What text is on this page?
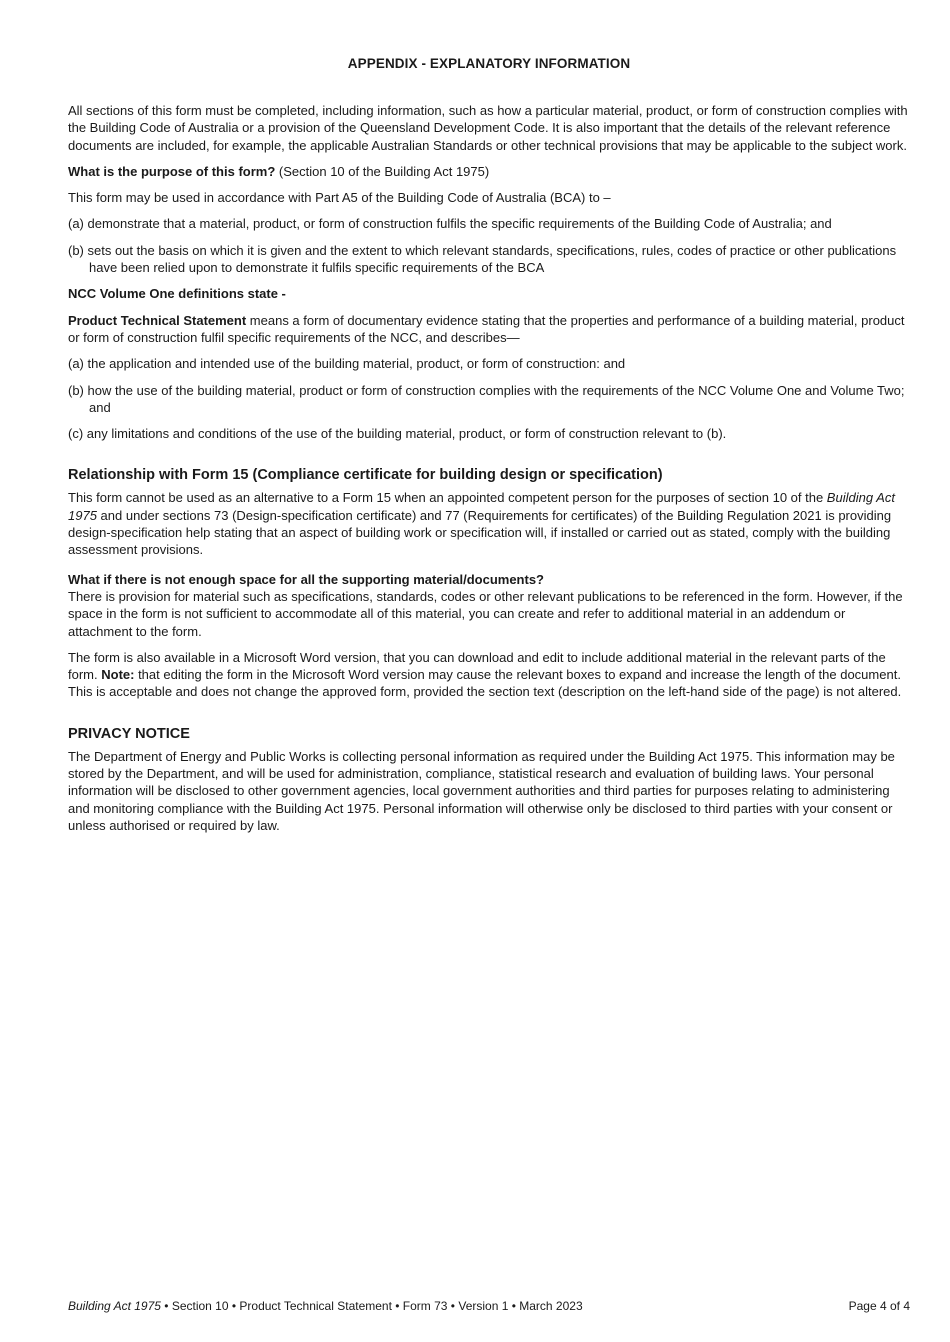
APPENDIX - EXPLANATORY INFORMATION

All sections of this form must be completed, including information, such as how a particular material, product, or form of construction complies with the Building Code of Australia or a provision of the Queensland Development Code. It is also important that the details of the relevant reference documents are included, for example, the applicable Australian Standards or other technical provisions that may be applicable to the subject work.

What is the purpose of this form? (Section 10 of the Building Act 1975)

This form may be used in accordance with Part A5 of the Building Code of Australia (BCA) to –

(a) demonstrate that a material, product, or form of construction fulfils the specific requirements of the Building Code of Australia; and
(b) sets out the basis on which it is given and the extent to which relevant standards, specifications, rules, codes of practice or other publications have been relied upon to demonstrate it fulfils specific requirements of the BCA

NCC Volume One definitions state -

Product Technical Statement means a form of documentary evidence stating that the properties and performance of a building material, product or form of construction fulfil specific requirements of the NCC, and describes—

(a) the application and intended use of the building material, product, or form of construction: and
(b) how the use of the building material, product or form of construction complies with the requirements of the NCC Volume One and Volume Two; and
(c) any limitations and conditions of the use of the building material, product, or form of construction relevant to (b).
Relationship with Form 15 (Compliance certificate for building design or specification)

This form cannot be used as an alternative to a Form 15 when an appointed competent person for the purposes of section 10 of the Building Act 1975 and under sections 73 (Design-specification certificate) and 77 (Requirements for certificates) of the Building Regulation 2021 is providing design-specification help stating that an aspect of building work or specification will, if installed or carried out as stated, comply with the building assessment provisions.

What if there is not enough space for all the supporting material/documents?

There is provision for material such as specifications, standards, codes or other relevant publications to be referenced in the form. However, if the space in the form is not sufficient to accommodate all of this material, you can create and refer to additional material in an addendum or attachment to the form.

The form is also available in a Microsoft Word version, that you can download and edit to include additional material in the relevant parts of the form. Note: that editing the form in the Microsoft Word version may cause the relevant boxes to expand and increase the length of the document. This is acceptable and does not change the approved form, provided the section text (description on the left-hand side of the page) is not altered.

PRIVACY NOTICE

The Department of Energy and Public Works is collecting personal information as required under the Building Act 1975. This information may be stored by the Department, and will be used for administration, compliance, statistical research and evaluation of building laws. Your personal information will be disclosed to other government agencies, local government authorities and third parties for purposes relating to administering and monitoring compliance with the Building Act 1975. Personal information will otherwise only be disclosed to third parties with your consent or unless authorised or required by law.

Building Act 1975 • Section 10 • Product Technical Statement • Form 73 • Version 1 • March 2023	Page 4 of 4
